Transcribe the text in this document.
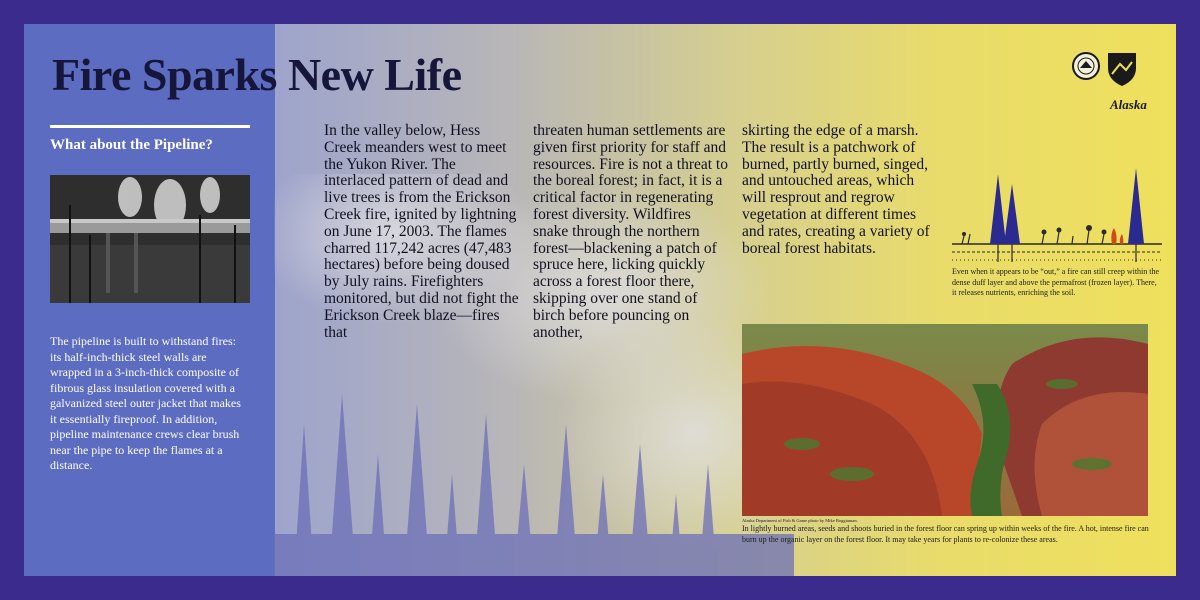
Fire Sparks New Life
Alaska
What about the Pipeline?

The pipeline is built to withstand fires: its half-inch-thick steel walls are wrapped in a 3-inch-thick composite of fibrous glass insulation covered with a galvanized steel outer jacket that makes it essentially fireproof. In addition, pipeline maintenance crews clear brush near the pipe to keep the flames at a distance.

In the valley below, Hess Creek meanders west to meet the Yukon River. The interlaced pattern of dead and live trees is from the Erickson Creek fire, ignited by lightning on June 17, 2003. The flames charred 117,242 acres (47,483 hectares) before being doused by July rains. Firefighters monitored, but did not fight the Erickson Creek blaze—fires that

threaten human settlements are given first priority for staff and resources. Fire is not a threat to the boreal forest; in fact, it is a critical factor in regenerating forest diversity. Wildfires snake through the northern forest—blackening a patch of spruce here, licking quickly across a forest floor there, skipping over one stand of birch before pouncing on another,

skirting the edge of a marsh. The result is a patchwork of burned, partly burned, singed, and untouched areas, which will resprout and regrow vegetation at different times and rates, creating a variety of boreal forest habitats.

Even when it appears to be “out,” a fire can still creep within the dense duff layer and above the permafrost (frozen layer). There, it releases nutrients, enriching the soil.

Alaska Department of Fish & Game photo by Mike Boggiaman.

In lightly burned areas, seeds and shoots buried in the forest floor can spring up within weeks of the fire. A hot, intense fire can burn up the organic layer on the forest floor. It may take years for plants to re-colonize these areas.
